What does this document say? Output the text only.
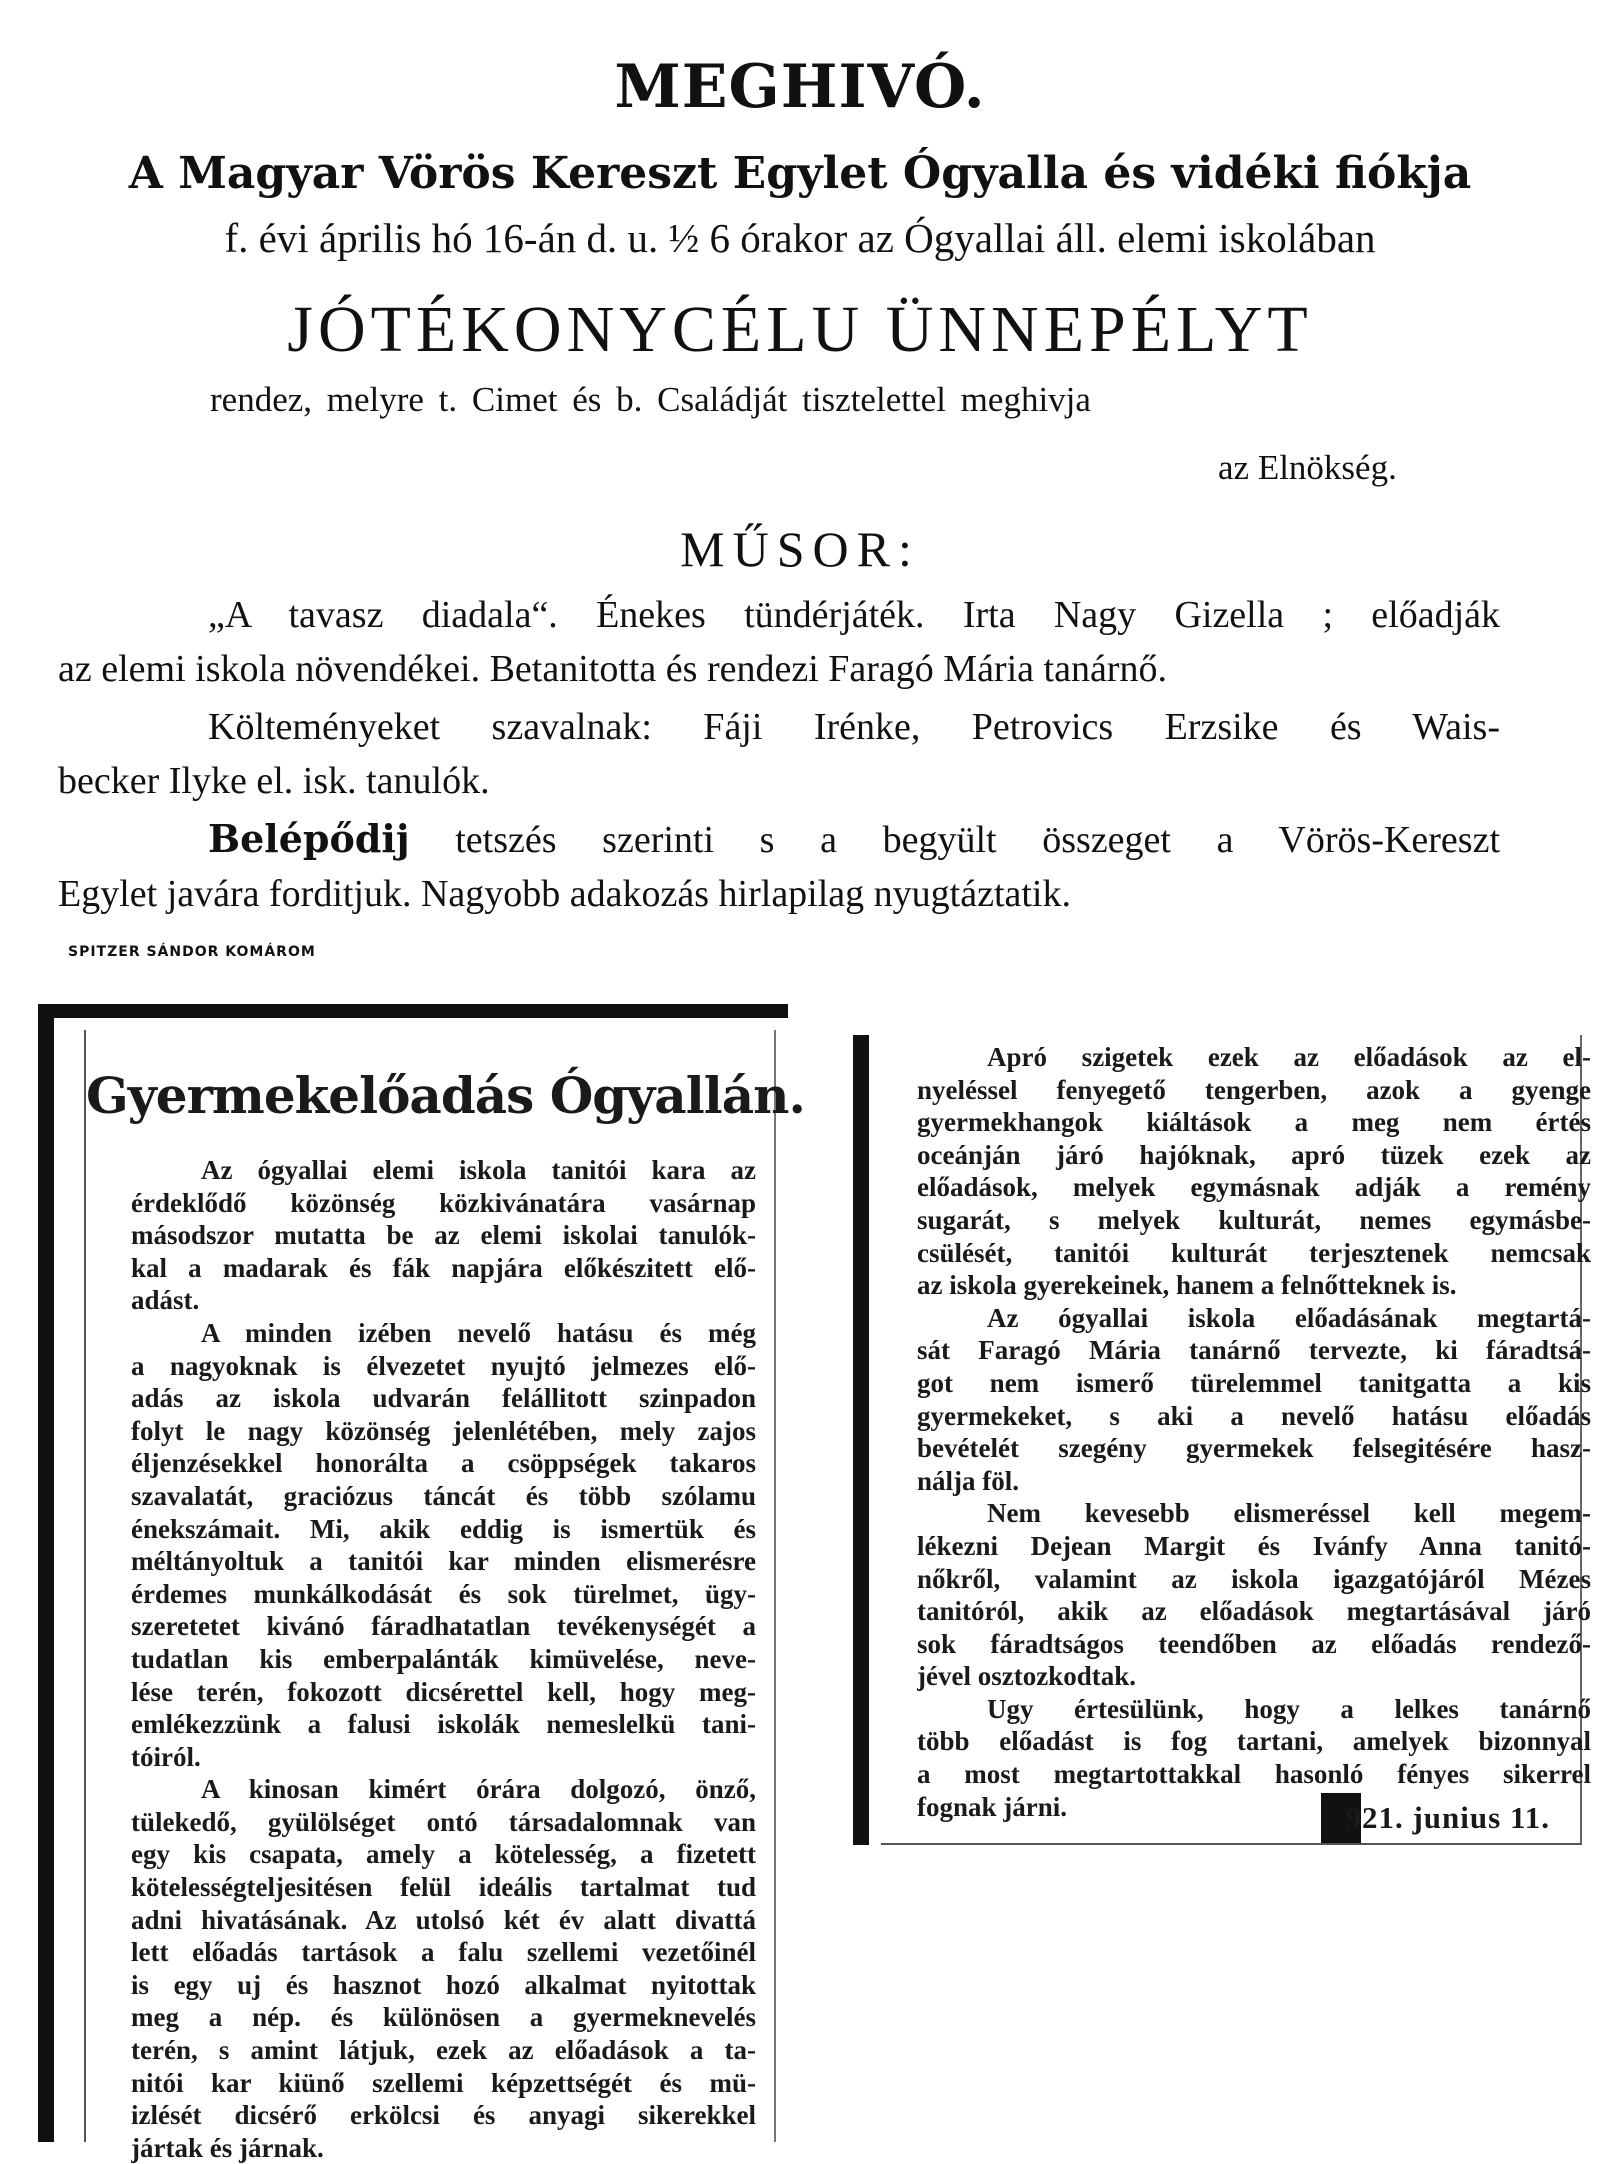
MEGHIVÓ.
A Magyar Vörös Kereszt Egylet Ógyalla és vidéki fiókja
f. évi április hó 16-án d. u. ½ 6 órakor az Ógyallai áll. elemi iskolában
JÓTÉKONYCÉLU ÜNNEPÉLYT
rendez, melyre t. Cimet és b. Családját tisztelettel meghivja
az Elnökség.
MŰSOR:
„A tavasz diadala“. Énekes tündérjáték. Irta Nagy Gizella ; előadják
az elemi iskola növendékei. Betanitotta és rendezi Faragó Mária tanárnő.
Költeményeket szavalnak: Fáji Irénke, Petrovics Erzsike és Wais-
becker Ilyke el. isk. tanulók.
Belépődij tetszés szerinti s a begyült összeget a Vörös-Kereszt
Egylet javára forditjuk. Nagyobb adakozás hirlapilag nyugtáztatik.
SPITZER SÁNDOR KOMÁROM
Gyermekelőadás Ógyallán.
Az ógyallai elemi iskola tanitói kara az
érdeklődő közönség közkivánatára vasárnap
másodszor mutatta be az elemi iskolai tanulók-
kal a madarak és fák napjára előkészitett elő-
adást.
A minden izében nevelő hatásu és még
a nagyoknak is élvezetet nyujtó jelmezes elő-
adás az iskola udvarán felállitott szinpadon
folyt le nagy közönség jelenlétében, mely zajos
éljenzésekkel honorálta a csöppségek takaros
szavalatát, graciózus táncát és több szólamu
énekszámait. Mi, akik eddig is ismertük és
méltányoltuk a tanitói kar minden elismerésre
érdemes munkálkodását és sok türelmet, ügy-
szeretetet kivánó fáradhatatlan tevékenységét a
tudatlan kis emberpalánták kimüvelése, neve-
lése terén, fokozott dicsérettel kell, hogy meg-
emlékezzünk a falusi iskolák nemeslelkü tani-
tóiról.
A kinosan kimért órára dolgozó, önző,
tülekedő, gyülölséget ontó társadalomnak van
egy kis csapata, amely a kötelesség, a fizetett
kötelességteljesitésen felül ideális tartalmat tud
adni hivatásának. Az utolsó két év alatt divattá
lett előadás tartások a falu szellemi vezetőinél
is egy uj és hasznot hozó alkalmat nyitottak
meg a nép. és különösen a gyermeknevelés
terén, s amint látjuk, ezek az előadások a ta-
nitói kar kiünő szellemi képzettségét és mü-
izlését dicsérő erkölcsi és anyagi sikerekkel
jártak és járnak.
Apró szigetek ezek az előadások az el-
nyeléssel fenyegető tengerben, azok a gyenge
gyermekhangok kiáltások a meg nem értés
oceánján járó hajóknak, apró tüzek ezek az
előadások, melyek egymásnak adják a remény
sugarát, s melyek kulturát, nemes egymásbe-
csülését, tanitói kulturát terjesztenek nemcsak
az iskola gyerekeinek, hanem a felnőtteknek is.
Az ógyallai iskola előadásának megtartá-
sát Faragó Mária tanárnő tervezte, ki fáradtsá-
got nem ismerő türelemmel tanitgatta a kis
gyermekeket, s aki a nevelő hatásu előadás
bevételét szegény gyermekek felsegitésére hasz-
nálja föl.
Nem kevesebb elismeréssel kell megem-
lékezni Dejean Margit és Ivánfy Anna tanitó-
nőkről, valamint az iskola igazgatójáról Mézes
tanitóról, akik az előadások megtartásával járó
sok fáradtságos teendőben az előadás rendező-
jével osztozkodtak.
Ugy értesülünk, hogy a lelkes tanárnő
több előadást is fog tartani, amelyek bizonnyal
a most megtartottakkal hasonló fényes sikerrel
fognak járni.	921. junius 11.
